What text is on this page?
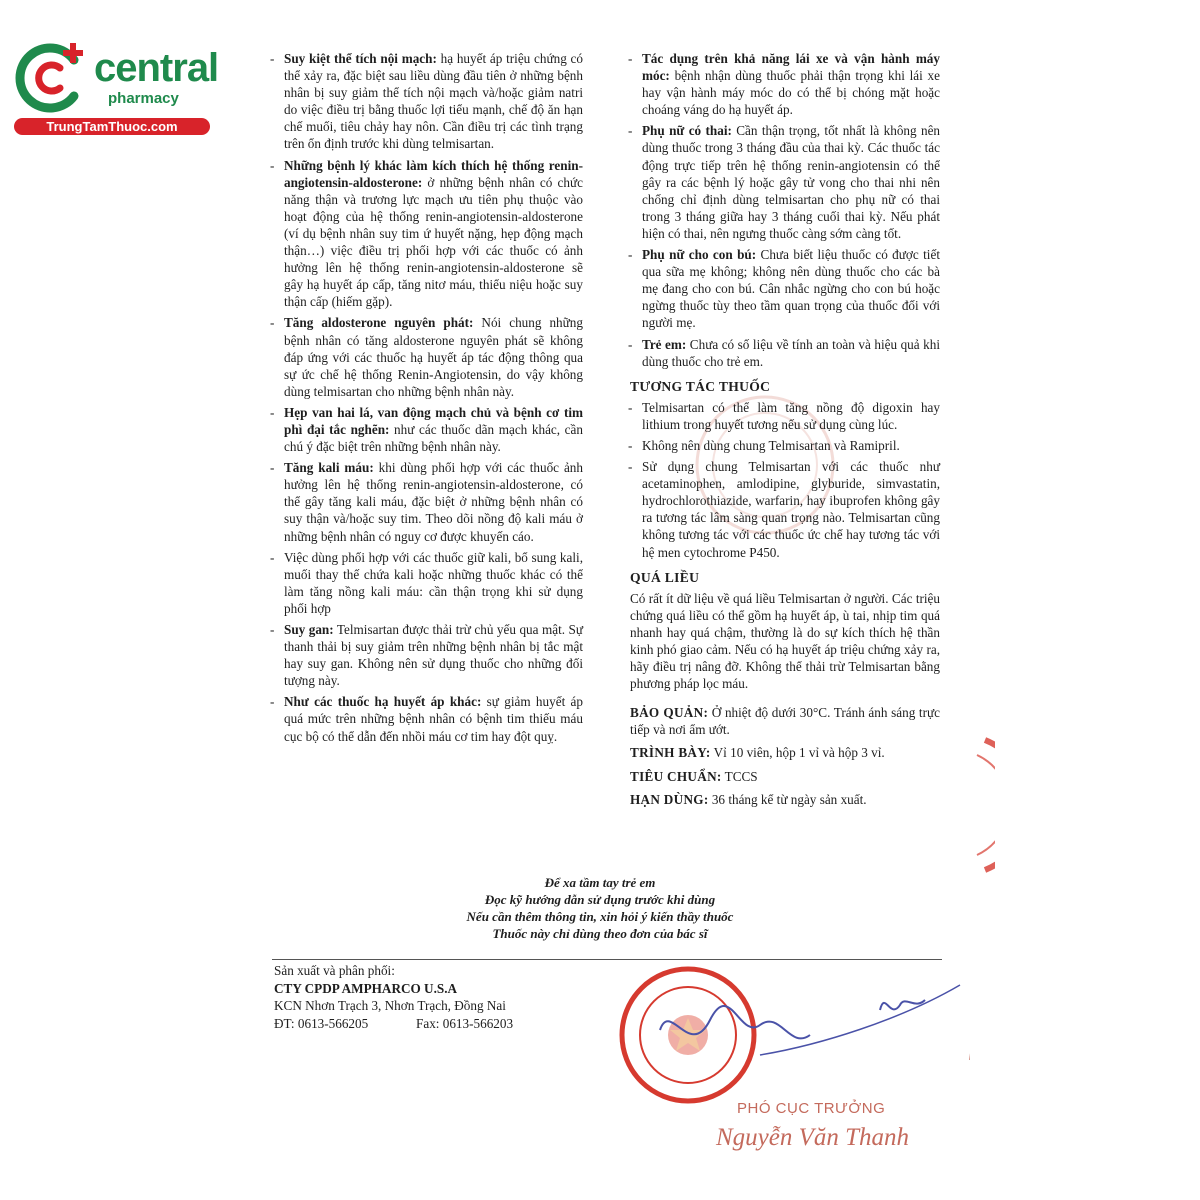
central
pharmacy
TrungTamThuoc.com
- Suy kiệt thể tích nội mạch: hạ huyết áp triệu chứng có thể xảy ra, đặc biệt sau liều dùng đầu tiên ở những bệnh nhân bị suy giảm thể tích nội mạch và/hoặc giảm natri do việc điều trị bằng thuốc lợi tiểu mạnh, chế độ ăn hạn chế muối, tiêu chảy hay nôn. Cần điều trị các tình trạng trên ổn định trước khi dùng telmisartan.
- Những bệnh lý khác làm kích thích hệ thống renin-angiotensin-aldosterone: ở những bệnh nhân có chức năng thận và trương lực mạch ưu tiên phụ thuộc vào hoạt động của hệ thống renin-angiotensin-aldosterone (ví dụ bệnh nhân suy tim ứ huyết nặng, hẹp động mạch thận…) việc điều trị phối hợp với các thuốc có ảnh hưởng lên hệ thống renin-angiotensin-aldosterone sẽ gây hạ huyết áp cấp, tăng nitơ máu, thiểu niệu hoặc suy thận cấp (hiếm gặp).
- Tăng aldosterone nguyên phát: Nói chung những bệnh nhân có tăng aldosterone nguyên phát sẽ không đáp ứng với các thuốc hạ huyết áp tác động thông qua sự ức chế hệ thống Renin-Angiotensin, do vậy không dùng telmisartan cho những bệnh nhân này.
- Hẹp van hai lá, van động mạch chủ và bệnh cơ tim phì đại tắc nghẽn: như các thuốc dãn mạch khác, cần chú ý đặc biệt trên những bệnh nhân này.
- Tăng kali máu: khi dùng phối hợp với các thuốc ảnh hưởng lên hệ thống renin-angiotensin-aldosterone, có thể gây tăng kali máu, đặc biệt ở những bệnh nhân có suy thận và/hoặc suy tim. Theo dõi nồng độ kali máu ở những bệnh nhân có nguy cơ được khuyến cáo.
- Việc dùng phối hợp với các thuốc giữ kali, bổ sung kali, muối thay thế chứa kali hoặc những thuốc khác có thể làm tăng nồng kali máu: cần thận trọng khi sử dụng phối hợp
- Suy gan: Telmisartan được thải trừ chủ yếu qua mật. Sự thanh thải bị suy giảm trên những bệnh nhân bị tắc mật hay suy gan. Không nên sử dụng thuốc cho những đối tượng này.
- Như các thuốc hạ huyết áp khác: sự giảm huyết áp quá mức trên những bệnh nhân có bệnh tim thiếu máu cục bộ có thể dẫn đến nhồi máu cơ tim hay đột quỵ.
- Tác dụng trên khả năng lái xe và vận hành máy móc: bệnh nhận dùng thuốc phải thận trọng khi lái xe hay vận hành máy móc do có thể bị chóng mặt hoặc choáng váng do hạ huyết áp.
- Phụ nữ có thai: Cần thận trọng, tốt nhất là không nên dùng thuốc trong 3 tháng đầu của thai kỳ. Các thuốc tác động trực tiếp trên hệ thống renin-angiotensin có thể gây ra các bệnh lý hoặc gây tử vong cho thai nhi nên chống chỉ định dùng telmisartan cho phụ nữ có thai trong 3 tháng giữa hay 3 tháng cuối thai kỳ. Nếu phát hiện có thai, nên ngưng thuốc càng sớm càng tốt.
- Phụ nữ cho con bú: Chưa biết liệu thuốc có được tiết qua sữa mẹ không; không nên dùng thuốc cho các bà mẹ đang cho con bú. Cân nhắc ngừng cho con bú hoặc ngừng thuốc tùy theo tầm quan trọng của thuốc đối với người mẹ.
- Trẻ em: Chưa có số liệu về tính an toàn và hiệu quả khi dùng thuốc cho trẻ em.
TƯƠNG TÁC THUỐC
- Telmisartan có thể làm tăng nồng độ digoxin hay lithium trong huyết tương nếu sử dụng cùng lúc.
- Không nên dùng chung Telmisartan và Ramipril.
- Sử dụng chung Telmisartan với các thuốc như acetaminophen, amlodipine, glyburide, simvastatin, hydrochlorothiazide, warfarin, hay ibuprofen không gây ra tương tác lâm sàng quan trọng nào. Telmisartan cũng không tương tác với các thuốc ức chế hay tương tác với hệ men cytochrome P450.
QUÁ LIỀU
Có rất ít dữ liệu về quá liều Telmisartan ở người. Các triệu chứng quá liều có thể gồm hạ huyết áp, ù tai, nhịp tim quá nhanh hay quá chậm, thường là do sự kích thích hệ thần kinh phó giao cảm. Nếu có hạ huyết áp triệu chứng xảy ra, hãy điều trị nâng đỡ. Không thể thải trừ Telmisartan bằng phương pháp lọc máu.
BẢO QUẢN: Ở nhiệt độ dưới 30°C. Tránh ánh sáng trực tiếp và nơi ẩm ướt.
TRÌNH BÀY: Vỉ 10 viên, hộp 1 vỉ và hộp 3 vỉ.
TIÊU CHUẨN: TCCS
HẠN DÙNG: 36 tháng kể từ ngày sản xuất.
Để xa tầm tay trẻ em
Đọc kỹ hướng dẫn sử dụng trước khi dùng
Nếu cần thêm thông tin, xin hỏi ý kiến thầy thuốc
Thuốc này chỉ dùng theo đơn của bác sĩ
Sản xuất và phân phối:
CTY CPDP AMPHARCO U.S.A
KCN Nhơn Trạch 3, Nhơn Trạch, Đồng Nai
ĐT: 0613-566205	Fax: 0613-566203
PHÓ CỤC TRƯỞNG
Nguyễn Văn Thanh
